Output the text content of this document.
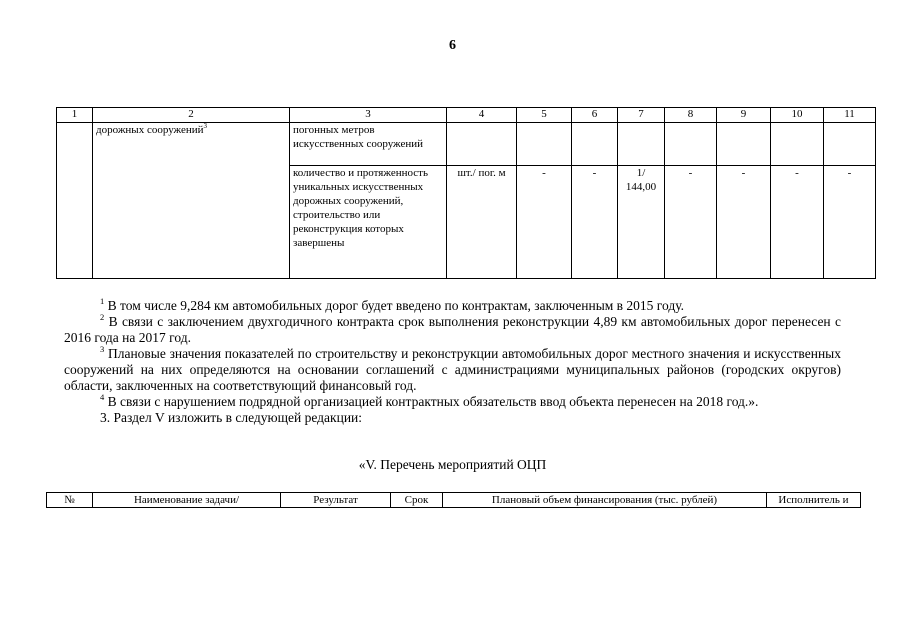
6
1	2	3	4	5	6	7	8	9	10	11
	дорожных сооружений$^3$	погонных метров искусственных сооружений								
		количество и протяженность уникальных искусственных дорожных сооружений, строительство или реконструкция которых завершены	шт./ пог. м	-	-	1/ 144,00	-	-	-	-

$^1$ В том числе 9,284 км автомобильных дорог будет введено по контрактам, заключенным в 2015 году.

$^2$ В связи с заключением двухгодичного контракта срок выполнения реконструкции 4,89 км автомобильных дорог перенесен с 2016 года на 2017 год.

$^3$ Плановые значения показателей по строительству и реконструкции автомобильных дорог местного значения и искусственных сооружений на них определяются на основании соглашений с администрациями муниципальных районов (городских округов) области, заключенных на соответствующий финансовый год.

$^4$ В связи с нарушением подрядной организацией контрактных обязательств ввод объекта перенесен на 2018 год.».

3. Раздел V изложить в следующей редакции:

«V. Перечень мероприятий ОЦП
№	Наименование задачи/	Результат	Срок	Плановый объем финансирования (тыс. рублей)	Исполнитель и
